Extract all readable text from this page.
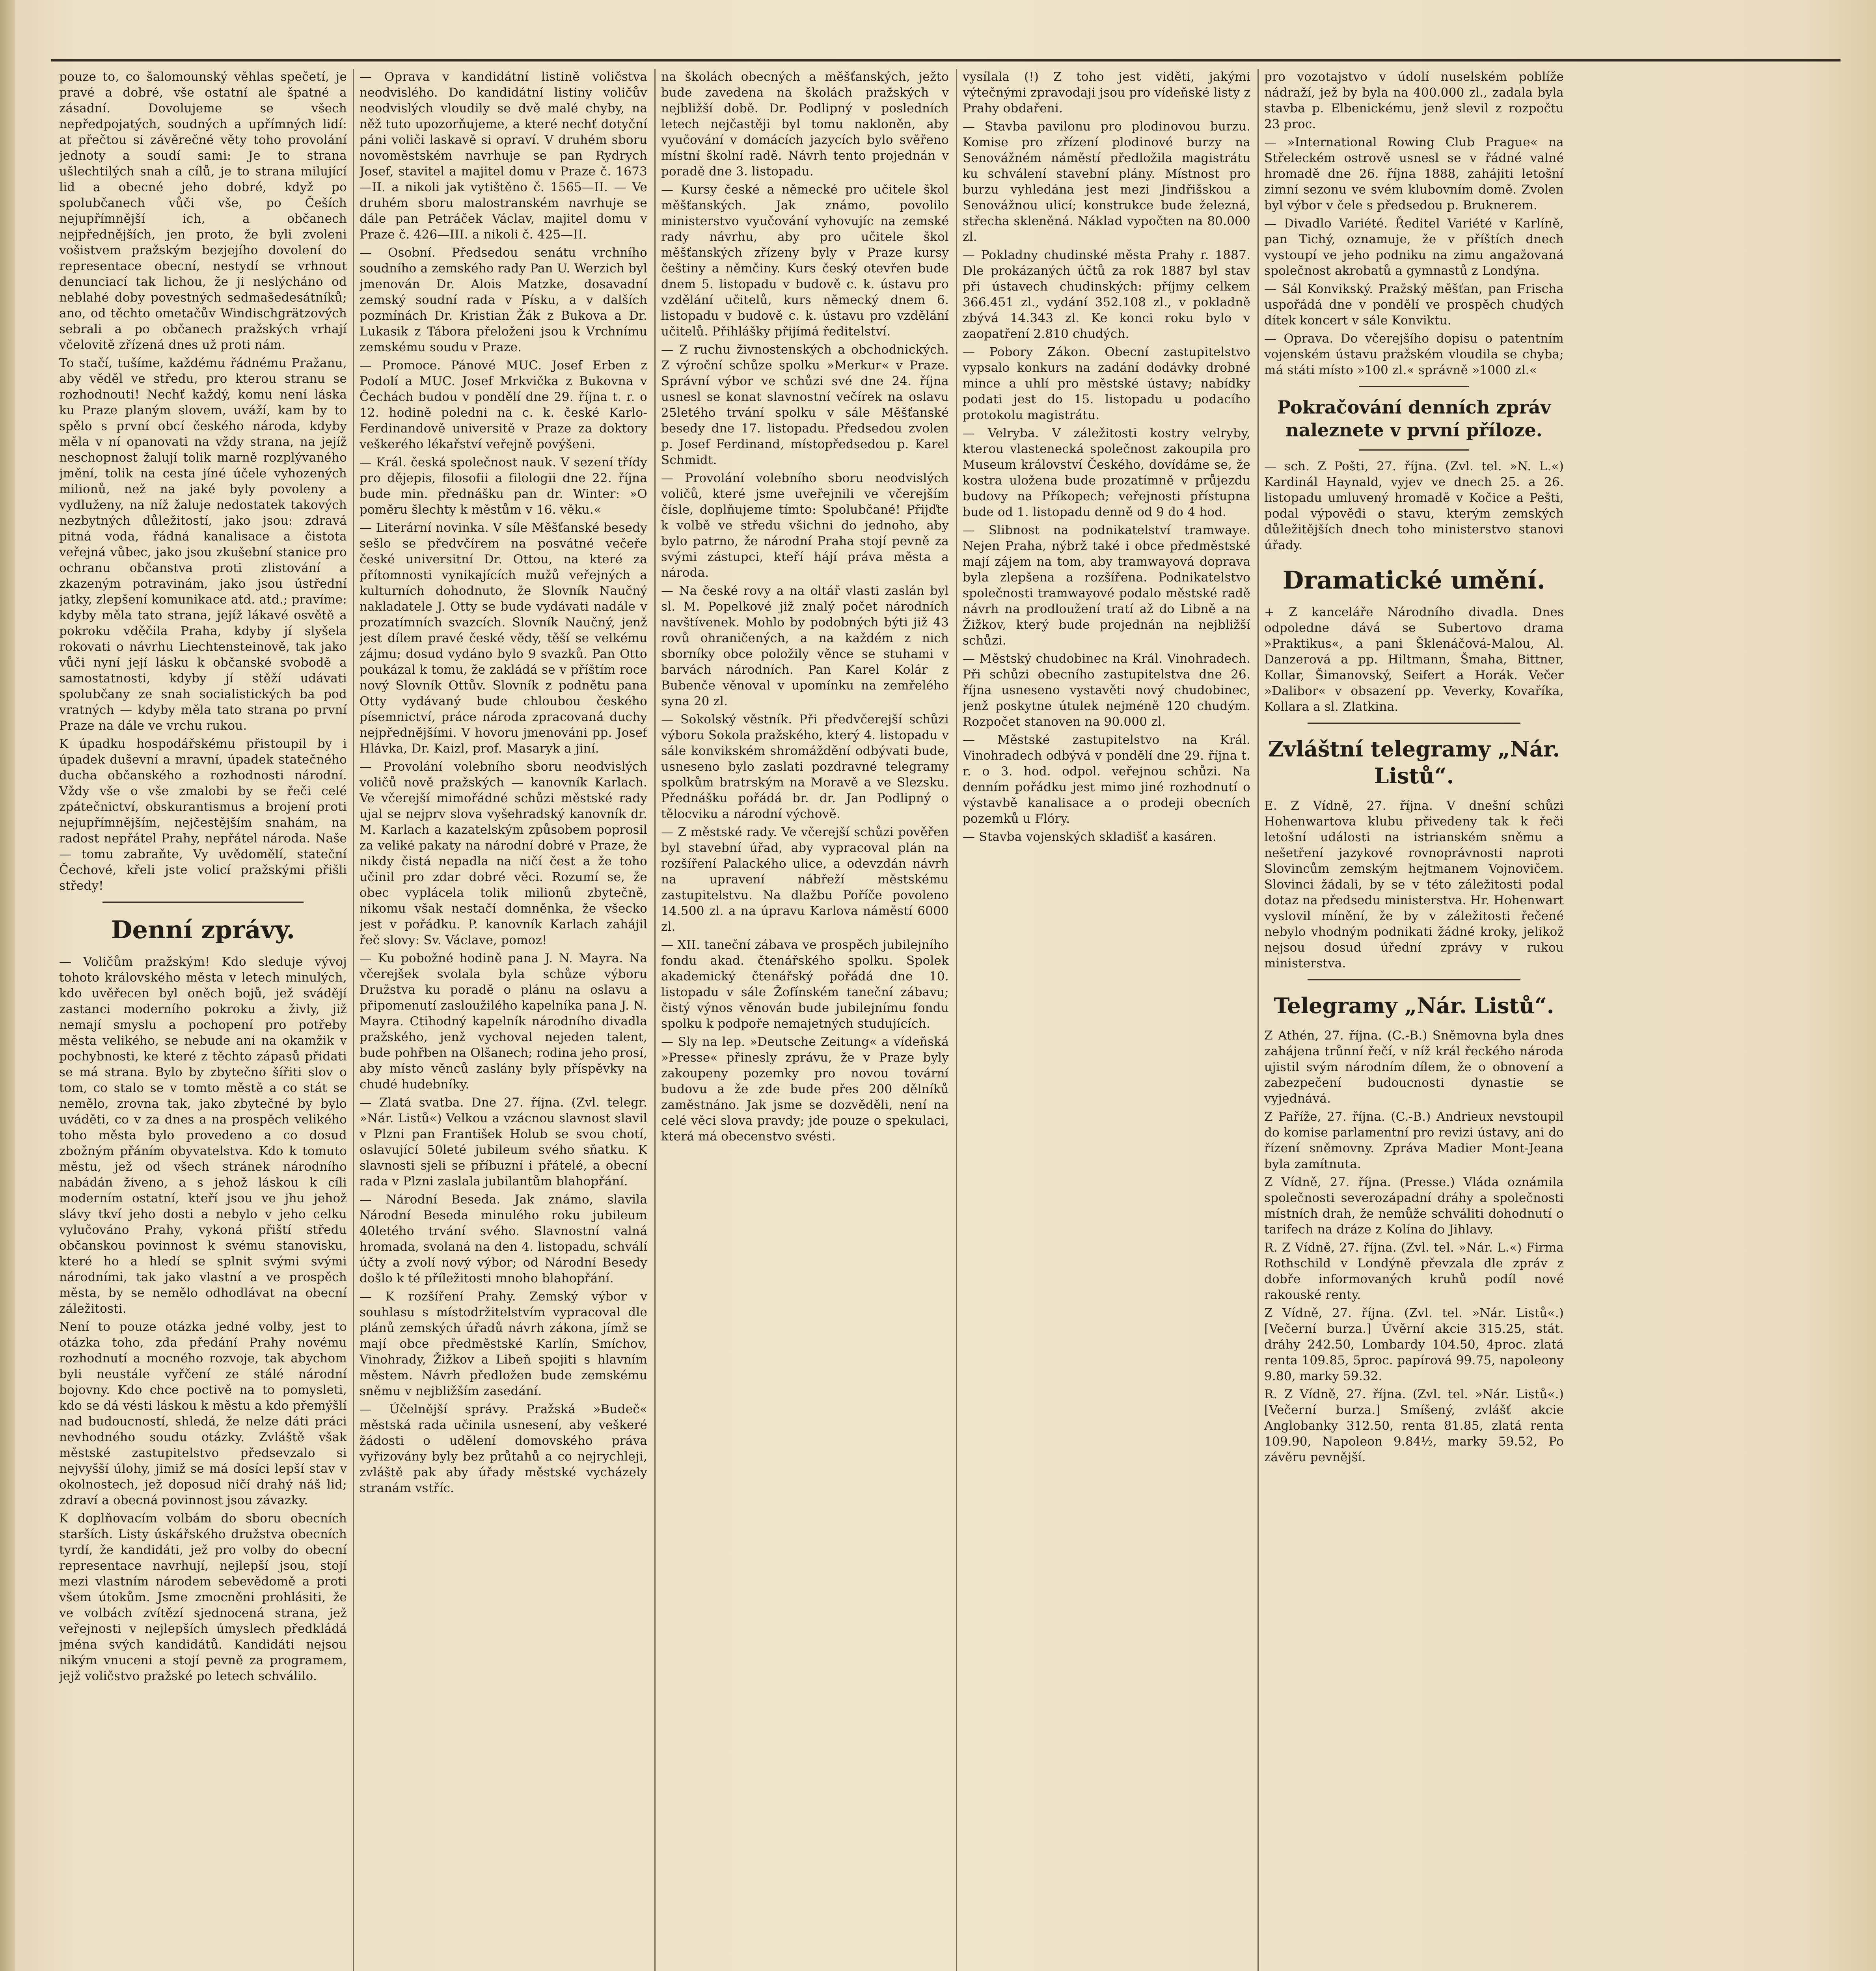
pouze to, co šalomounský věhlas spečetí, je pravé a dobré, vše ostatní ale špatné a zásadní. Dovolujeme se všech nepředpojatých, soudných a upřímných lidí: at přečtou si závěrečné věty toho provolání jednoty a soudí sami: Je to strana ušlechtilých snah a cílů, je to strana milující lid a obecné jeho dobré, když po spolubčanech vůči vše, po Češích nejupřímnější ich, a občanech nejpřednějších, jen proto, že byli zvoleni vošistvem pražským bezjejího dovolení do representace obecní, nestydí se vrhnout denunciací tak lichou, že ji neslýcháno od neblahé doby povestných sedmašedesátníků; ano, od těchto ometačův Windischgrätzových sebrali a po občanech pražských vrhají včelovitě zřízená dnes už proti nám.

To stačí, tušíme, každému řádnému Pražanu, aby věděl ve středu, pro kterou stranu se rozhodnouti! Nechť každý, komu není láska ku Praze planým slovem, uváží, kam by to spělo s první obcí českého národa, kdyby měla v ní opanovati na vždy strana, na jejíž neschopnost žalují tolik marně rozplývaného jmění, tolik na cesta jíné účele vyhozených milionů, než na jaké byly povoleny a vydluženy, na níž žaluje nedostatek takových nezbytných důležitostí, jako jsou: zdravá pitná voda, řádná kanalisace a čistota veřejná vůbec, jako jsou zkušební stanice pro ochranu občanstva proti zlistování a zkazeným potravinám, jako jsou ústřední jatky, zlepšení komunikace atd. atd.; pravíme: kdyby měla tato strana, jejíž lákavé osvětě a pokroku vděčila Praha, kdyby jí slyšela rokovati o návrhu Liechtensteinově, tak jako vůči nyní její lásku k občanské svobodě a samostatnosti, kdyby jí stěží udávati spolubčany ze snah socialistických ba pod vratných — kdyby měla tato strana po první Praze na dále ve vrchu rukou.

K úpadku hospodářskému přistoupil by i úpadek duševní a mravní, úpadek statečného ducha občanského a rozhodnosti národní. Vždy vše o vše zmalobi by se řeči celé zpátečnictví, obskurantismus a brojení proti nejupřímnějším, nejčestějším snahám, na radost nepřátel Prahy, nepřátel národa. Naše — tomu zabraňte, Vy uvědomělí, stateční Čechové, křeli jste volicí pražskými přišli středy!

Denní zprávy.

— Voličům pražským! Kdo sleduje vývoj tohoto královského města v letech minulých, kdo uvěřecen byl oněch bojů, jež svádějí zastanci moderního pokroku a živly, již nemají smyslu a pochopení pro potřeby města velikého, se nebude ani na okamžik v pochybnosti, ke které z těchto zápasů přidati se má strana. Bylo by zbytečno šířiti slov o tom, co stalo se v tomto městě a co stát se nemělo, zrovna tak, jako zbytečné by bylo uváděti, co v za dnes a na prospěch velikého toho města bylo provedeno a co dosud zbožným přáním obyvatelstva. Kdo k tomuto městu, jež od všech stránek národního nabádán živeno, a s jehož láskou k cíli moderním ostatní, kteří jsou ve jhu jehož slávy tkví jeho dosti a nebylo v jeho celku vylučováno Prahy, vykoná přiští středu občanskou povinnost k svému stanovisku, které ho a hledí se splnit svými svými národními, tak jako vlastní a ve prospěch města, by se nemělo odhodlávat na obecní záležitosti.

Není to pouze otázka jedné volby, jest to otázka toho, zda předání Prahy novému rozhodnutí a mocného rozvoje, tak abychom byli neustále vyřčení ze stálé národní bojovny. Kdo chce poctivě na to pomysleti, kdo se dá vésti láskou k městu a kdo přemýšlí nad budoucností, shledá, že nelze dáti práci nevhodného soudu otázky. Zvláště však městské zastupitelstvo předsevzalo si nejvyšší úlohy, jimiž se má dosíci lepší stav v okolnostech, jež doposud ničí drahý náš lid; zdraví a obecná povinnost jsou závazky.

K doplňovacím volbám do sboru obecních starších. Listy úskářského družstva obecních tyrdí, že kandidáti, jež pro volby do obecní representace navrhují, nejlepší jsou, stojí mezi vlastním národem sebevědomě a proti všem útokům. Jsme zmocněni prohlásiti, že ve volbách zvítězí sjednocená strana, jež veřejnosti v nejlepších úmyslech předkládá jména svých kandidátů. Kandidáti nejsou nikým vnuceni a stojí pevně za programem, jejž voličstvo pražské po letech schválilo.

— Oprava v kandidátní listině voličstva neodvislého. Do kandidátní listiny voličův neodvislých vloudily se dvě malé chyby, na něž tuto upozorňujeme, a které nechť dotyční páni voliči laskavě si opraví. V druhém sboru novoměstském navrhuje se pan Rydrych Josef, stavitel a majitel domu v Praze č. 1673—II. a nikoli jak vytištěno č. 1565—II. — Ve druhém sboru malostranském navrhuje se dále pan Petráček Václav, majitel domu v Praze č. 426—III. a nikoli č. 425—II.

— Osobní. Předsedou senátu vrchního soudního a zemského rady Pan U. Werzich byl jmenován Dr. Alois Matzke, dosavadní zemský soudní rada v Písku, a v dalších pozmínách Dr. Kristian Žák z Bukova a Dr. Lukasik z Tábora přeloženi jsou k Vrchnímu zemskému soudu v Praze.

— Promoce. Pánové MUC. Josef Erben z Podolí a MUC. Josef Mrkvička z Bukovna v Čechách budou v pondělí dne 29. října t. r. o 12. hodině poledni na c. k. české Karlo-Ferdinandově universitě v Praze za doktory veškerého lékařství veřejně povýšeni.

— Král. česká společnost nauk. V sezení třídy pro dějepis, filosofii a filologii dne 22. října bude min. přednášku pan dr. Winter: »O poměru šlechty k městům v 16. věku.«

— Literární novinka. V síle Měšťanské besedy sešlo se předvčírem na posvátné večeře české universitní Dr. Ottou, na které za přítomnosti vynikajících mužů veřejných a kulturních dohodnuto, že Slovník Naučný nakladatele J. Otty se bude vydávati nadále v prozatímních svazcích. Slovník Naučný, jenž jest dílem pravé české vědy, těší se velkému zájmu; dosud vydáno bylo 9 svazků. Pan Otto poukázal k tomu, že zakládá se v příštím roce nový Slovník Ottův. Slovník z podnětu pana Otty vydávaný bude chloubou českého písemnictví, práce národa zpracovaná duchy nejpřednějšími. V hovoru jmenováni pp. Josef Hlávka, Dr. Kaizl, prof. Masaryk a jiní.

— Provolání volebního sboru neodvislých voličů nově pražských — kanovník Karlach. Ve včerejší mimořádné schůzi městské rady ujal se nejprv slova vyšehradský kanovník dr. M. Karlach a kazatelským způsobem poprosil za veliké pakaty na národní dobré v Praze, že nikdy čistá nepadla na ničí čest a že toho učinil pro zdar dobré věci. Rozumí se, že obec vyplácela tolik milionů zbytečně, nikomu však nestačí domněnka, že všecko jest v pořádku. P. kanovník Karlach zahájil řeč slovy: Sv. Václave, pomoz!

— Ku pobožné hodině pana J. N. Mayra. Na včerejšek svolala byla schůze výboru Družstva ku poradě o plánu na oslavu a připomenutí zasloužilého kapelníka pana J. N. Mayra. Ctihodný kapelník národního divadla pražského, jenž vychoval nejeden talent, bude pohřben na Olšanech; rodina jeho prosí, aby místo věnců zaslány byly příspěvky na chudé hudebníky.

— Zlatá svatba. Dne 27. října. (Zvl. telegr. »Nár. Listů«) Velkou a vzácnou slavnost slavil v Plzni pan František Holub se svou chotí, oslavující 50leté jubileum svého sňatku. K slavnosti sjeli se příbuzní i přátelé, a obecní rada v Plzni zaslala jubilantům blahopřání.

— Národní Beseda. Jak známo, slavila Národní Beseda minulého roku jubileum 40letého trvání svého. Slavnostní valná hromada, svolaná na den 4. listopadu, schválí účty a zvolí nový výbor; od Národní Besedy došlo k té příležitosti mnoho blahopřání.

— K rozšíření Prahy. Zemský výbor v souhlasu s místodržitelstvím vypracoval dle plánů zemských úřadů návrh zákona, jímž se mají obce předměstské Karlín, Smíchov, Vinohrady, Žižkov a Libeň spojiti s hlavním městem. Návrh předložen bude zemskému sněmu v nejbližším zasedání.

— Účelnější správy. Pražská »Budeč« městská rada učinila usnesení, aby veškeré žádosti o udělení domovského práva vyřizovány byly bez průtahů a co nejrychleji, zvláště pak aby úřady městské vycházely stranám vstříc.

na školách obecných a měšťanských, ježto bude zavedena na školách pražských v nejbližší době. Dr. Podlipný v posledních letech nejčastěji byl tomu nakloněn, aby vyučování v domácích jazycích bylo svěřeno místní školní radě. Návrh tento projednán v poradě dne 3. listopadu.

— Kursy české a německé pro učitele škol měšťanských. Jak známo, povolilo ministerstvo vyučování vyhovujíc na zemské rady návrhu, aby pro učitele škol měšťanských zřízeny byly v Praze kursy češtiny a němčiny. Kurs český otevřen bude dnem 5. listopadu v budově c. k. ústavu pro vzdělání učitelů, kurs německý dnem 6. listopadu v budově c. k. ústavu pro vzdělání učitelů. Přihlášky přijímá ředitelství.

— Z ruchu živnostenských a obchodnických. Z výroční schůze spolku »Merkur« v Praze. Správní výbor ve schůzi své dne 24. října usnesl se konat slavnostní večírek na oslavu 25letého trvání spolku v sále Měšťanské besedy dne 17. listopadu. Předsedou zvolen p. Josef Ferdinand, místopředsedou p. Karel Schmidt.

— Provolání volebního sboru neodvislých voličů, které jsme uveřejnili ve včerejším čísle, doplňujeme tímto: Spolubčané! Přijďte k volbě ve středu všichni do jednoho, aby bylo patrno, že národní Praha stojí pevně za svými zástupci, kteří hájí práva města a národa.

— Na české rovy a na oltář vlasti zaslán byl sl. M. Popelkové již znalý počet národních navštívenek. Mohlo by podobných býti již 43 rovů ohraničených, a na každém z nich sborníky obce položily věnce se stuhami v barvách národních. Pan Karel Kolár z Bubenče věnoval v upomínku na zemřelého syna 20 zl.

— Sokolský věstník. Při předvčerejší schůzi výboru Sokola pražského, který 4. listopadu v sále konvikském shromáždění odbývati bude, usneseno bylo zaslati pozdravné telegramy spolkům bratrským na Moravě a ve Slezsku. Přednášku pořádá br. dr. Jan Podlipný o tělocviku a národní výchově.

— Z městské rady. Ve včerejší schůzi pověřen byl stavební úřad, aby vypracoval plán na rozšíření Palackého ulice, a odevzdán návrh na upravení nábřeží městskému zastupitelstvu. Na dlažbu Poříče povoleno 14.500 zl. a na úpravu Karlova náměstí 6000 zl.

— XII. taneční zábava ve prospěch jubilejního fondu akad. čtenářského spolku. Spolek akademický čtenářský pořádá dne 10. listopadu v sále Žofínském taneční zábavu; čistý výnos věnován bude jubilejnímu fondu spolku k podpoře nemajetných studujících.

— Sly na lep. »Deutsche Zeitung« a vídeňská »Presse« přinesly zprávu, že v Praze byly zakoupeny pozemky pro novou tovární budovu a že zde bude přes 200 dělníků zaměstnáno. Jak jsme se dozvěděli, není na celé věci slova pravdy; jde pouze o spekulaci, která má obecenstvo svésti.

vysílala (!) Z toho jest viděti, jakými výtečnými zpravodaji jsou pro vídeňské listy z Prahy obdařeni.

— Stavba pavilonu pro plodinovou burzu. Komise pro zřízení plodinové burzy na Senovážném náměstí předložila magistrátu ku schválení stavební plány. Místnost pro burzu vyhledána jest mezi Jindřišskou a Senovážnou ulicí; konstrukce bude železná, střecha skleněná. Náklad vypočten na 80.000 zl.

— Pokladny chudinské města Prahy r. 1887. Dle prokázaných účtů za rok 1887 byl stav při ústavech chudinských: příjmy celkem 366.451 zl., vydání 352.108 zl., v pokladně zbývá 14.343 zl. Ke konci roku bylo v zaopatření 2.810 chudých.

— Pobory Zákon. Obecní zastupitelstvo vypsalo konkurs na zadání dodávky drobné mince a uhlí pro městské ústavy; nabídky podati jest do 15. listopadu u podacího protokolu magistrátu.

— Velryba. V záležitosti kostry velryby, kterou vlastenecká společnost zakoupila pro Museum království Českého, dovídáme se, že kostra uložena bude prozatímně v průjezdu budovy na Příkopech; veřejnosti přístupna bude od 1. listopadu denně od 9 do 4 hod.

— Slibnost na podnikatelství tramwaye. Nejen Praha, nýbrž také i obce předměstské mají zájem na tom, aby tramwayová doprava byla zlepšena a rozšířena. Podnikatelstvo společnosti tramwayové podalo městské radě návrh na prodloužení tratí až do Libně a na Žižkov, který bude projednán na nejbližší schůzi.

— Městský chudobinec na Král. Vinohradech. Při schůzi obecního zastupitelstva dne 26. října usneseno vystavěti nový chudobinec, jenž poskytne útulek nejméně 120 chudým. Rozpočet stanoven na 90.000 zl.

— Městské zastupitelstvo na Král. Vinohradech odbývá v pondělí dne 29. října t. r. o 3. hod. odpol. veřejnou schůzi. Na denním pořádku jest mimo jiné rozhodnutí o výstavbě kanalisace a o prodeji obecních pozemků u Flóry.

— Stavba vojenských skladišť a kasáren.

pro vozotajstvo v údolí nuselském poblíže nádraží, jež by byla na 400.000 zl., zadala byla stavba p. Elbenickému, jenž slevil z rozpočtu 23 proc.

— »International Rowing Club Prague« na Střeleckém ostrově usnesl se v řádné valné hromadě dne 26. října 1888, zahájiti letošní zimní sezonu ve svém klubovním domě. Zvolen byl výbor v čele s předsedou p. Bruknerem.

— Divadlo Variété. Ředitel Variété v Karlíně, pan Tichý, oznamuje, že v příštích dnech vystoupí ve jeho podniku na zimu angažovaná společnost akrobatů a gymnastů z Londýna.

— Sál Konvikský. Pražský měšťan, pan Frischa uspořádá dne v pondělí ve prospěch chudých dítek koncert v sále Konviktu.

— Oprava. Do včerejšího dopisu o patentním vojenském ústavu pražském vloudila se chyba; má státi místo »100 zl.« správně »1000 zl.«

Pokračování denních zpráv naleznete v první příloze.

— sch. Z Pošti, 27. října. (Zvl. tel. »N. L.«) Kardinál Haynald, vyjev ve dnech 25. a 26. listopadu umluvený hromadě v Kočice a Pešti, podal výpovědi o stavu, kterým zemských důležitějších dnech toho ministerstvo stanovi úřady.

Dramatické umění.

+ Z kanceláře Národního divadla. Dnes odpoledne dává se Subertovo drama »Praktikus«, a pani Šklenáčová-Malou, Al. Danzerová a pp. Hiltmann, Šmaha, Bittner, Kollar, Šimanovský, Seifert a Horák. Večer »Dalibor« v obsazení pp. Veverky, Kovaříka, Kollara a sl. Zlatkina.

Zvláštní telegramy „Nár. Listů“.

E. Z Vídně, 27. října. V dnešní schůzi Hohenwartova klubu přivedeny tak k řeči letošní události na istrianském sněmu a nešetření jazykové rovnoprávnosti naproti Slovincům zemským hejtmanem Vojnovičem. Slovinci žádali, by se v této záležitosti podal dotaz na předsedu ministerstva. Hr. Hohenwart vyslovil mínění, že by v záležitosti řečené nebylo vhodným podnikati žádné kroky, jelikož nejsou dosud úřední zprávy v rukou ministerstva.

Telegramy „Nár. Listů“.

Z Athén, 27. října. (C.-B.) Sněmovna byla dnes zahájena trůnní řečí, v níž král řeckého národa ujistil svým národním dílem, že o obnovení a zabezpečení budoucnosti dynastie se vyjednává.

Z Paříže, 27. října. (C.-B.) Andrieux nevstoupil do komise parlamentní pro revizi ústavy, ani do řízení sněmovny. Zpráva Madier Mont-Jeana byla zamítnuta.

Z Vídně, 27. října. (Presse.) Vláda oznámila společnosti severozápadní dráhy a společnosti místních drah, že nemůže schváliti dohodnutí o tarifech na dráze z Kolína do Jihlavy.

R. Z Vídně, 27. října. (Zvl. tel. »Nár. L.«) Firma Rothschild v Londýně převzala dle zpráv z dobře informovaných kruhů podíl nové rakouské renty.

Z Vídně, 27. října. (Zvl. tel. »Nár. Listů«.) [Večerní burza.] Úvěrní akcie 315.25, stát. dráhy 242.50, Lombardy 104.50, 4proc. zlatá renta 109.85, 5proc. papírová 99.75, napoleony 9.80, marky 59.32.

R. Z Vídně, 27. října. (Zvl. tel. »Nár. Listů«.) [Večerní burza.] Smíšený, zvlášť akcie Anglobanky 312.50, renta 81.85, zlatá renta 109.90, Napoleon 9.84½, marky 59.52, Po závěru pevnější.
